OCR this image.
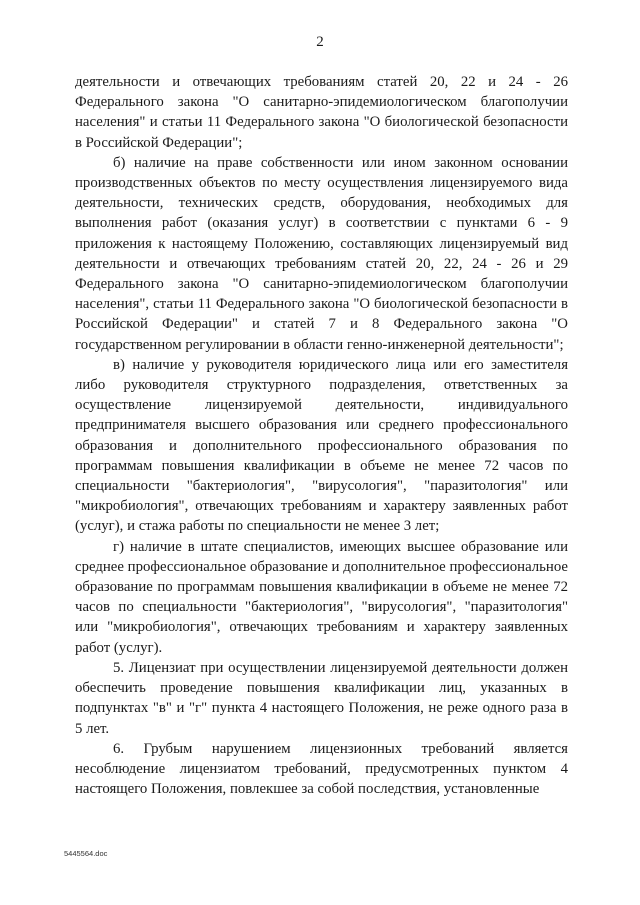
2

деятельности и отвечающих требованиям статей 20, 22 и 24 - 26 Федерального закона "О санитарно-эпидемиологическом благополучии населения" и статьи 11 Федерального закона "О биологической безопасности в Российской Федерации";

б) наличие на праве собственности или ином законном основании производственных объектов по месту осуществления лицензируемого вида деятельности, технических средств, оборудования, необходимых для выполнения работ (оказания услуг) в соответствии с пунктами 6 - 9 приложения к настоящему Положению, составляющих лицензируемый вид деятельности и отвечающих требованиям статей 20, 22, 24 - 26 и 29 Федерального закона "О санитарно-эпидемиологическом благополучии населения", статьи 11 Федерального закона "О биологической безопасности в Российской Федерации" и статей 7 и 8 Федерального закона "О государственном регулировании в области генно-инженерной деятельности";

в) наличие у руководителя юридического лица или его заместителя либо руководителя структурного подразделения, ответственных за осуществление лицензируемой деятельности, индивидуального предпринимателя высшего образования или среднего профессионального образования и дополнительного профессионального образования по программам повышения квалификации в объеме не менее 72 часов по специальности "бактериология", "вирусология", "паразитология" или "микробиология", отвечающих требованиям и характеру заявленных работ (услуг), и стажа работы по специальности не менее 3 лет;

г) наличие в штате специалистов, имеющих высшее образование или среднее профессиональное образование и дополнительное профессиональное образование по программам повышения квалификации в объеме не менее 72 часов по специальности "бактериология", "вирусология", "паразитология" или "микробиология", отвечающих требованиям и характеру заявленных работ (услуг).

5. Лицензиат при осуществлении лицензируемой деятельности должен обеспечить проведение повышения квалификации лиц, указанных в подпунктах "в" и "г" пункта 4 настоящего Положения, не реже одного раза в 5 лет.

6. Грубым нарушением лицензионных требований является несоблюдение лицензиатом требований, предусмотренных пунктом 4 настоящего Положения, повлекшее за собой последствия, установленные

5445564.doc
